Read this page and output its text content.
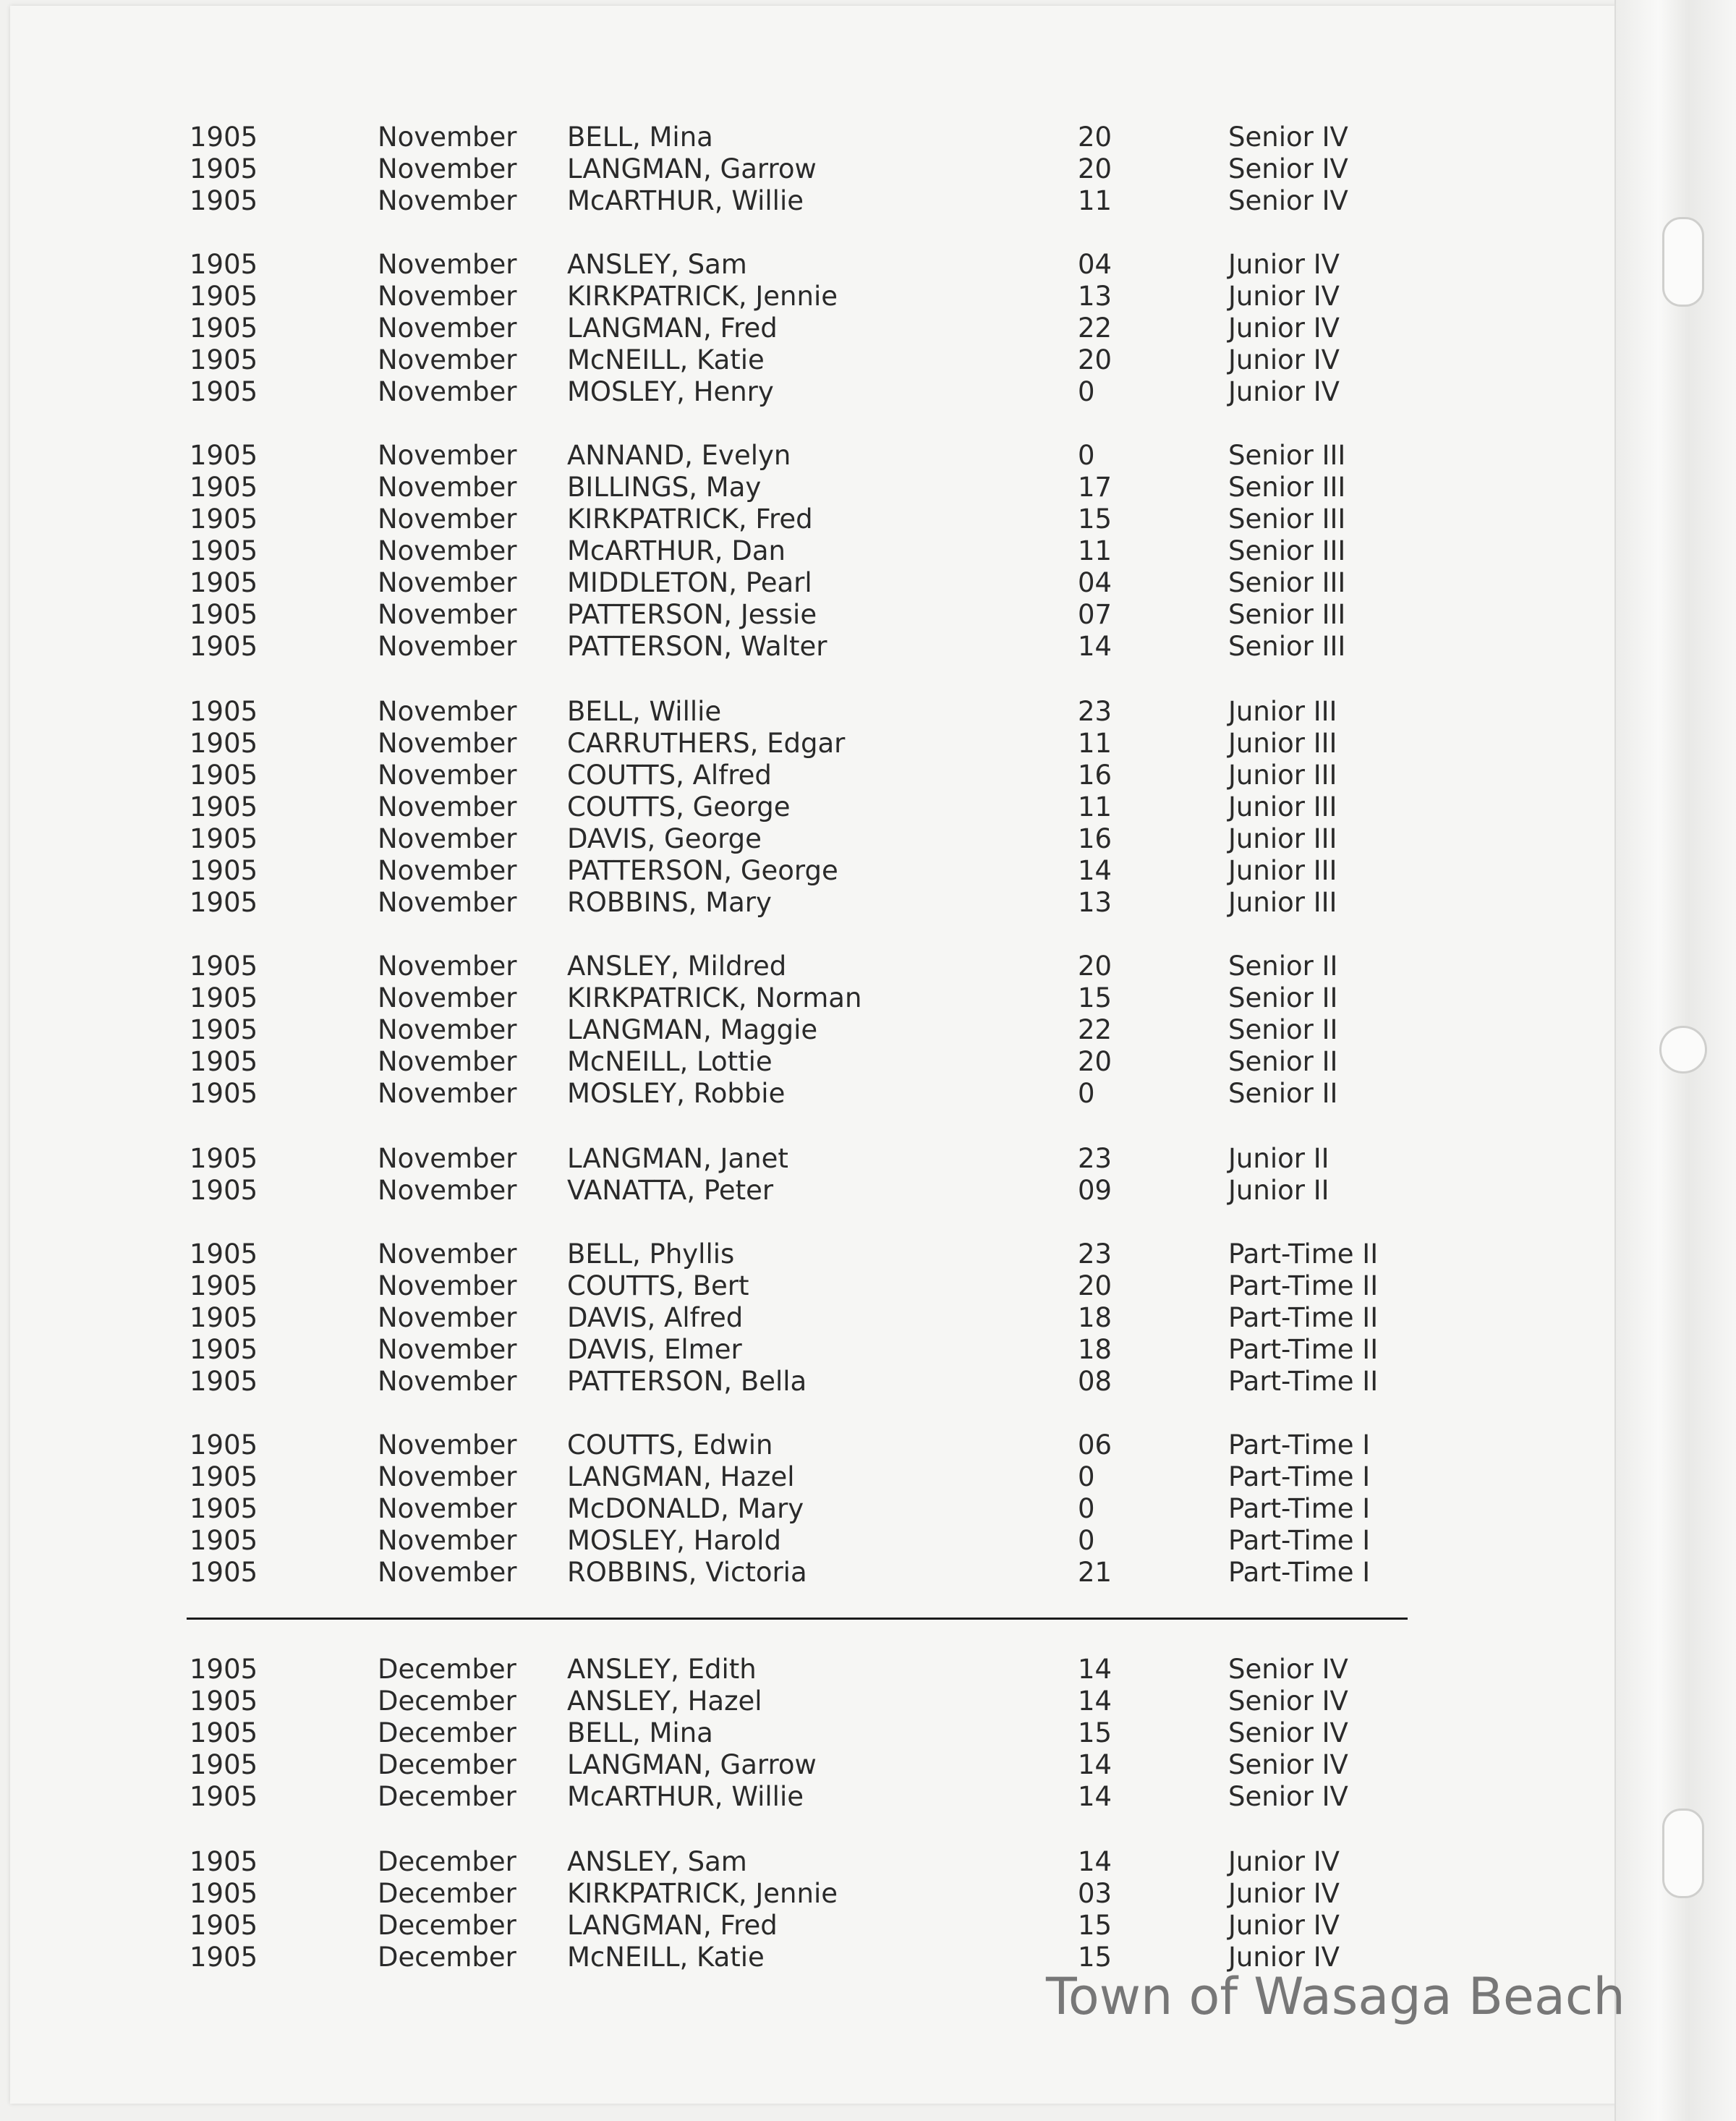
1905	November BELL, Mina	20	Senior IV
1905	November LANGMAN, Garrow	20	Senior IV
1905	November McARTHUR, Willie	11	Senior IV
1905	November ANSLEY, Sam	04	Junior IV
1905	November KIRKPATRICK, Jennie	13	Junior IV
1905	November LANGMAN, Fred	22	Junior IV
1905	November McNEILL, Katie	20	Junior IV
1905	November MOSLEY, Henry	0	Junior IV
1905	November ANNAND, Evelyn	0	Senior III
1905	November BILLINGS, May	17	Senior III
1905	November KIRKPATRICK, Fred	15	Senior III
1905	November McARTHUR, Dan	11	Senior III
1905	November MIDDLETON, Pearl	04	Senior III
1905	November PATTERSON, Jessie	07	Senior III
1905	November PATTERSON, Walter	14	Senior III
1905	November BELL, Willie	23	Junior III
1905	November CARRUTHERS, Edgar	11	Junior III
1905	November COUTTS, Alfred	16	Junior III
1905	November COUTTS, George	11	Junior III
1905	November DAVIS, George	16	Junior III
1905	November PATTERSON, George	14	Junior III
1905	November ROBBINS, Mary	13	Junior III
1905	November ANSLEY, Mildred	20	Senior II
1905	November KIRKPATRICK, Norman	15	Senior II
1905	November LANGMAN, Maggie	22	Senior II
1905	November McNEILL, Lottie	20	Senior II
1905	November MOSLEY, Robbie	0	Senior II
1905	November LANGMAN, Janet	23	Junior II
1905	November VANATTA, Peter	09	Junior II
1905	November BELL, Phyllis	23	Part-Time II
1905	November COUTTS, Bert	20	Part-Time II
1905	November DAVIS, Alfred	18	Part-Time II
1905	November DAVIS, Elmer	18	Part-Time II
1905	November PATTERSON, Bella	08	Part-Time II
1905	November COUTTS, Edwin	06	Part-Time I
1905	November LANGMAN, Hazel	0	Part-Time I
1905	November McDONALD, Mary	0	Part-Time I
1905	November MOSLEY, Harold	0	Part-Time I
1905	November ROBBINS, Victoria	21	Part-Time I
1905	December ANSLEY, Edith	14	Senior IV
1905	December ANSLEY, Hazel	14	Senior IV
1905	December BELL, Mina	15	Senior IV
1905	December LANGMAN, Garrow	14	Senior IV
1905	December McARTHUR, Willie	14	Senior IV
1905	December ANSLEY, Sam	14	Junior IV
1905	December KIRKPATRICK, Jennie	03	Junior IV
1905	December LANGMAN, Fred	15	Junior IV
1905	December McNEILL, Katie	15	Junior IV
Town of Wasaga Beach
